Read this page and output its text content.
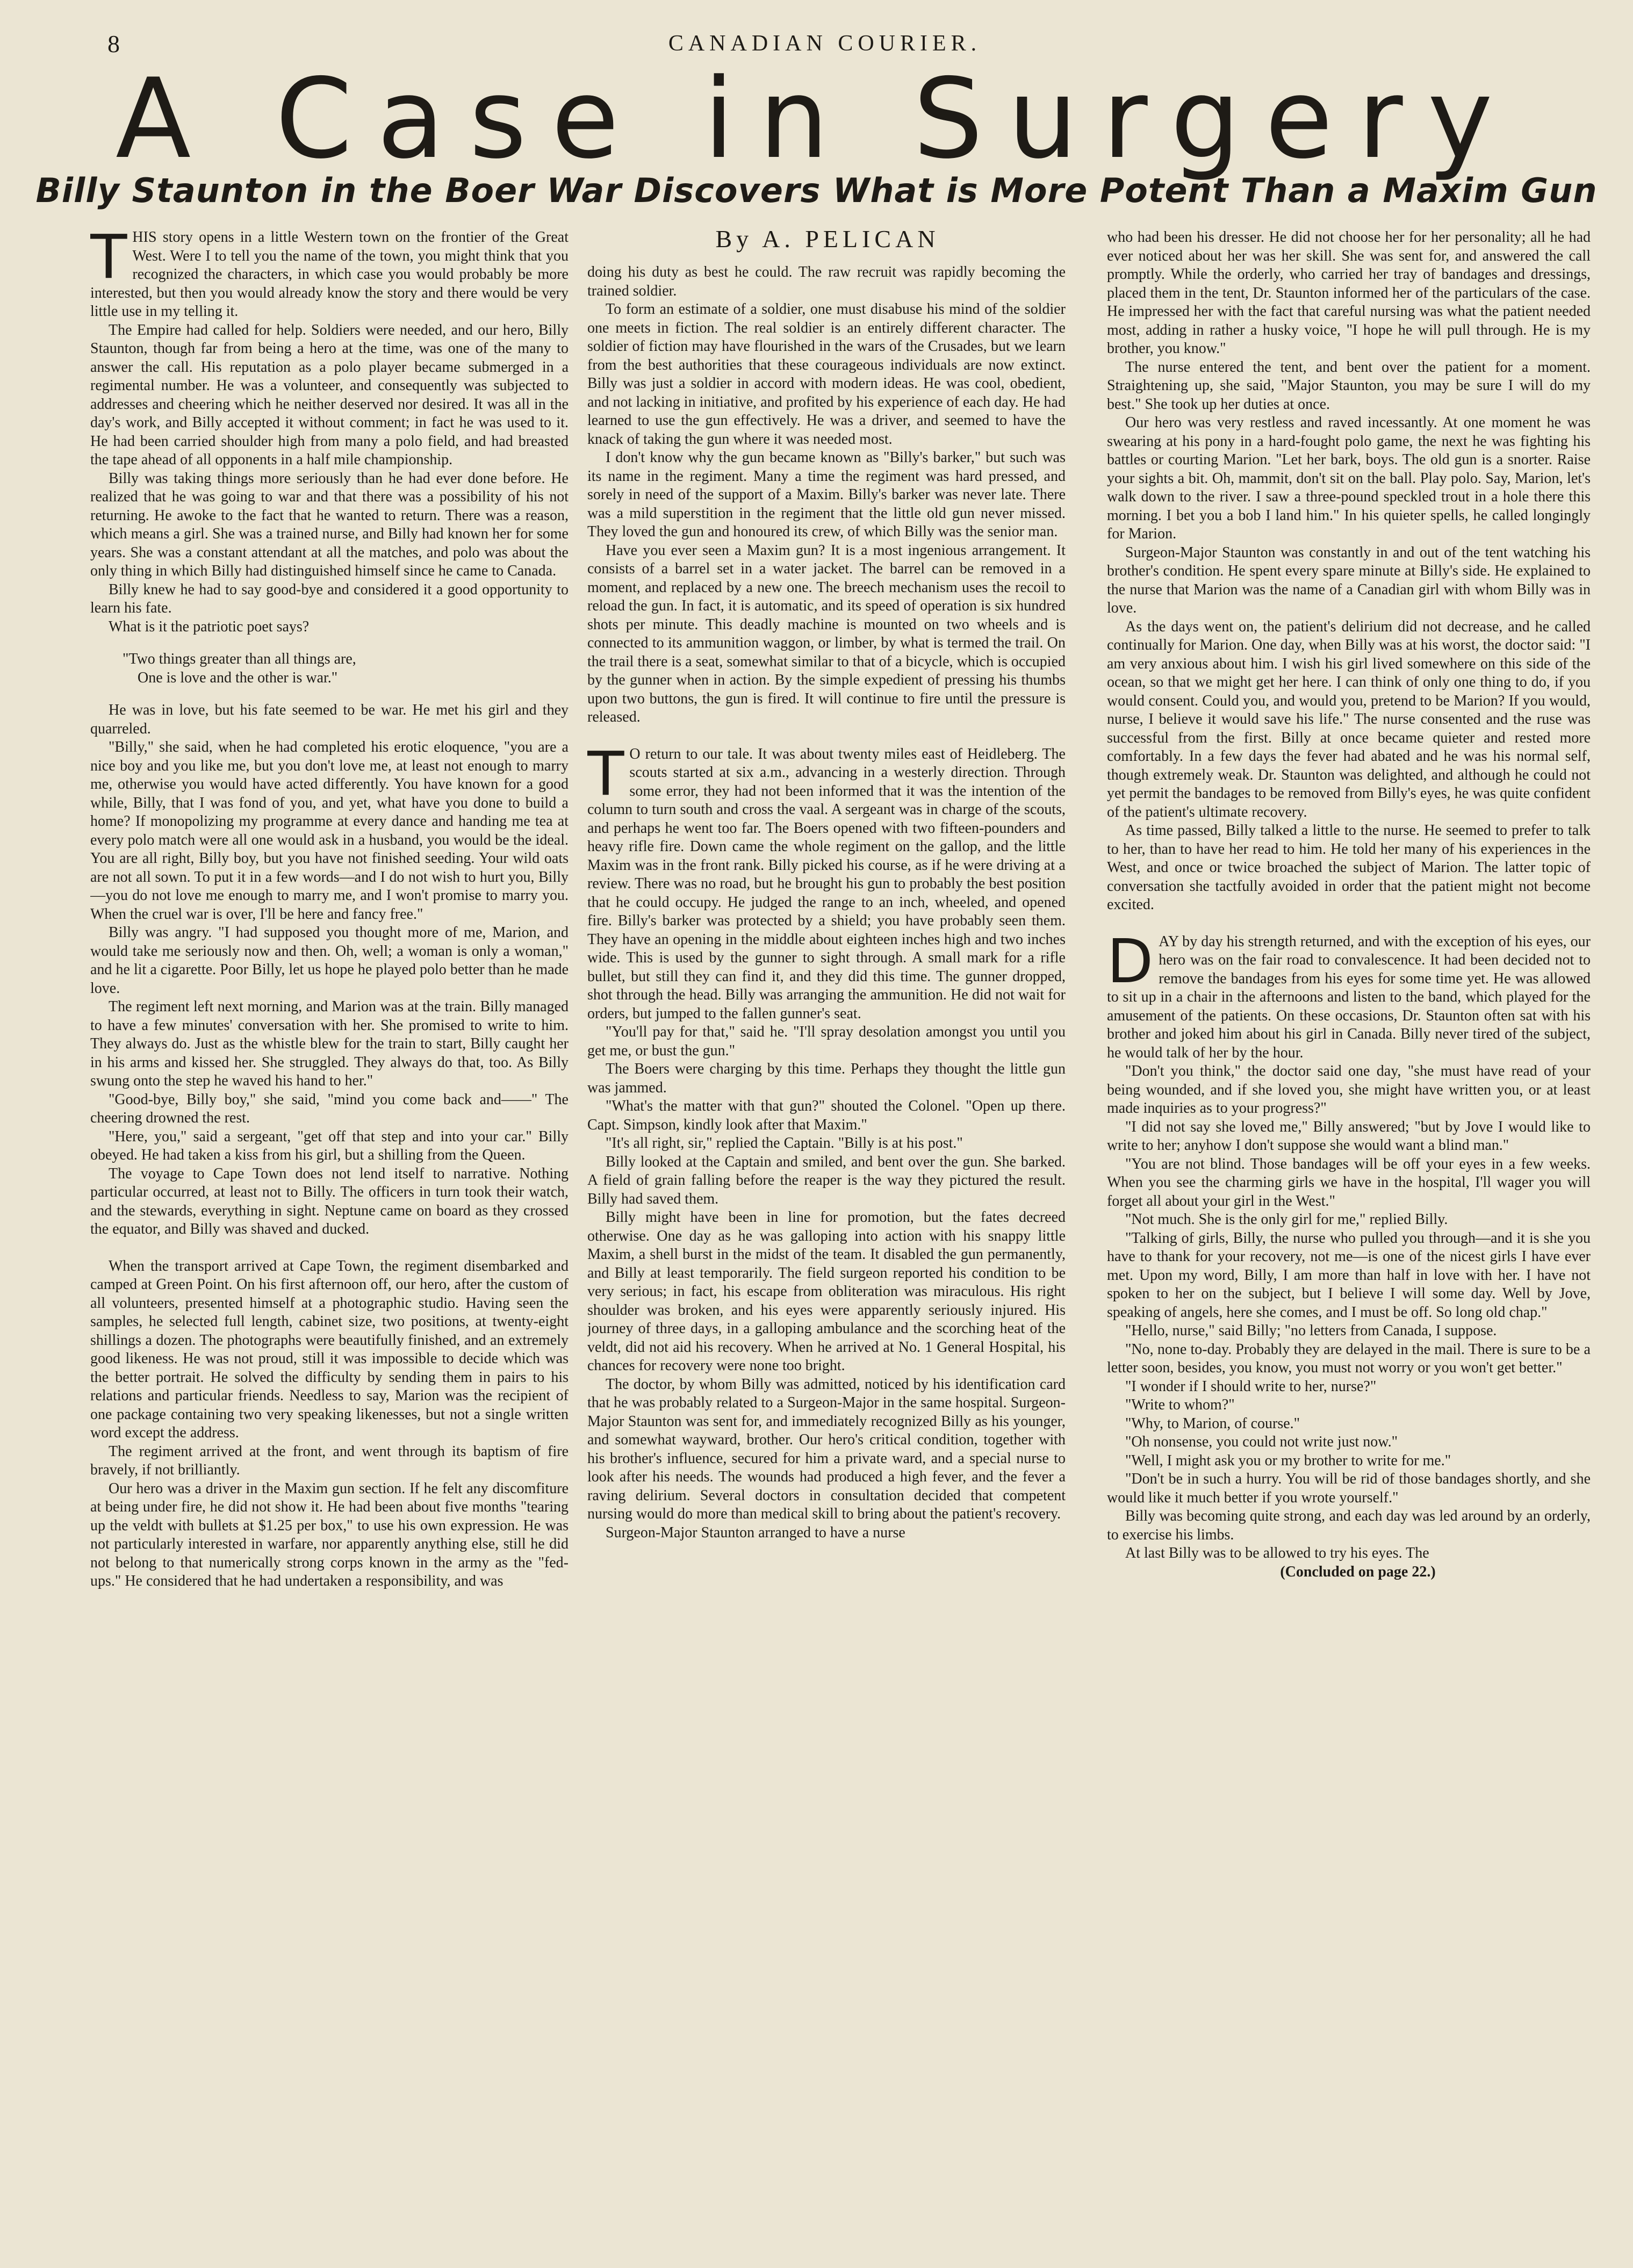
8	CANADIAN COURIER.
A Case in Surgery
Billy Staunton in the Boer War Discovers What is More Potent Than a Maxim Gun
By A. PELICAN

THIS story opens in a little Western town on the frontier of the Great West. Were I to tell you the name of the town, you might think that you recognized the characters, in which case you would probably be more interested, but then you would already know the story and there would be very little use in my telling it.

The Empire had called for help. Soldiers were needed, and our hero, Billy Staunton, though far from being a hero at the time, was one of the many to answer the call. His reputation as a polo player became submerged in a regimental number. He was a volunteer, and consequently was subjected to addresses and cheering which he neither deserved nor desired. It was all in the day's work, and Billy accepted it without comment; in fact he was used to it. He had been carried shoulder high from many a polo field, and had breasted the tape ahead of all opponents in a half mile championship.

Billy was taking things more seriously than he had ever done before. He realized that he was going to war and that there was a possibility of his not returning. He awoke to the fact that he wanted to return. There was a reason, which means a girl. She was a trained nurse, and Billy had known her for some years. She was a constant attendant at all the matches, and polo was about the only thing in which Billy had distinguished himself since he came to Canada.

Billy knew he had to say good-bye and considered it a good opportunity to learn his fate.

What is it the patriotic poet says?

"Two things greater than all things are,
One is love and the other is war."

He was in love, but his fate seemed to be war. He met his girl and they quarreled.

"Billy," she said, when he had completed his erotic eloquence, "you are a nice boy and you like me, but you don't love me, at least not enough to marry me, otherwise you would have acted differently. You have known for a good while, Billy, that I was fond of you, and yet, what have you done to build a home? If monopolizing my programme at every dance and handing me tea at every polo match were all one would ask in a husband, you would be the ideal. You are all right, Billy boy, but you have not finished seeding. Your wild oats are not all sown. To put it in a few words—and I do not wish to hurt you, Billy—you do not love me enough to marry me, and I won't promise to marry you. When the cruel war is over, I'll be here and fancy free."

Billy was angry. "I had supposed you thought more of me, Marion, and would take me seriously now and then. Oh, well; a woman is only a woman," and he lit a cigarette. Poor Billy, let us hope he played polo better than he made love.

The regiment left next morning, and Marion was at the train. Billy managed to have a few minutes' conversation with her. She promised to write to him. They always do. Just as the whistle blew for the train to start, Billy caught her in his arms and kissed her. She struggled. They always do that, too. As Billy swung onto the step he waved his hand to her."

"Good-bye, Billy boy," she said, "mind you come back and——" The cheering drowned the rest.

"Here, you," said a sergeant, "get off that step and into your car." Billy obeyed. He had taken a kiss from his girl, but a shilling from the Queen.

The voyage to Cape Town does not lend itself to narrative. Nothing particular occurred, at least not to Billy. The officers in turn took their watch, and the stewards, everything in sight. Neptune came on board as they crossed the equator, and Billy was shaved and ducked.

When the transport arrived at Cape Town, the regiment disembarked and camped at Green Point. On his first afternoon off, our hero, after the custom of all volunteers, presented himself at a photographic studio. Having seen the samples, he selected full length, cabinet size, two positions, at twenty-eight shillings a dozen. The photographs were beautifully finished, and an extremely good likeness. He was not proud, still it was impossible to decide which was the better portrait. He solved the difficulty by sending them in pairs to his relations and particular friends. Needless to say, Marion was the recipient of one package containing two very speaking likenesses, but not a single written word except the address.

The regiment arrived at the front, and went through its baptism of fire bravely, if not brilliantly.

Our hero was a driver in the Maxim gun section. If he felt any discomfiture at being under fire, he did not show it. He had been about five months "tearing up the veldt with bullets at $1.25 per box," to use his own expression. He was not particularly interested in warfare, nor apparently anything else, still he did not belong to that numerically strong corps known in the army as the "fed-ups." He considered that he had undertaken a responsibility, and was

doing his duty as best he could. The raw recruit was rapidly becoming the trained soldier.

To form an estimate of a soldier, one must disabuse his mind of the soldier one meets in fiction. The real soldier is an entirely different character. The soldier of fiction may have flourished in the wars of the Crusades, but we learn from the best authorities that these courageous individuals are now extinct. Billy was just a soldier in accord with modern ideas. He was cool, obedient, and not lacking in initiative, and profited by his experience of each day. He had learned to use the gun effectively. He was a driver, and seemed to have the knack of taking the gun where it was needed most.

I don't know why the gun became known as "Billy's barker," but such was its name in the regiment. Many a time the regiment was hard pressed, and sorely in need of the support of a Maxim. Billy's barker was never late. There was a mild superstition in the regiment that the little old gun never missed. They loved the gun and honoured its crew, of which Billy was the senior man.

Have you ever seen a Maxim gun? It is a most ingenious arrangement. It consists of a barrel set in a water jacket. The barrel can be removed in a moment, and replaced by a new one. The breech mechanism uses the recoil to reload the gun. In fact, it is automatic, and its speed of operation is six hundred shots per minute. This deadly machine is mounted on two wheels and is connected to its ammunition waggon, or limber, by what is termed the trail. On the trail there is a seat, somewhat similar to that of a bicycle, which is occupied by the gunner when in action. By the simple expedient of pressing his thumbs upon two buttons, the gun is fired. It will continue to fire until the pressure is released.

T O return to our tale. It was about twenty miles east of Heidleberg. The scouts started at six a.m., advancing in a westerly direction. Through some error, they had not been informed that it was the intention of the column to turn south and cross the vaal. A sergeant was in charge of the scouts, and perhaps he went too far. The Boers opened with two fifteen-pounders and heavy rifle fire. Down came the whole regiment on the gallop, and the little Maxim was in the front rank. Billy picked his course, as if he were driving at a review. There was no road, but he brought his gun to probably the best position that he could occupy. He judged the range to an inch, wheeled, and opened fire. Billy's barker was protected by a shield; you have probably seen them. They have an opening in the middle about eighteen inches high and two inches wide. This is used by the gunner to sight through. A small mark for a rifle bullet, but still they can find it, and they did this time. The gunner dropped, shot through the head. Billy was arranging the ammunition. He did not wait for orders, but jumped to the fallen gunner's seat.

"You'll pay for that," said he. "I'll spray desolation amongst you until you get me, or bust the gun."

The Boers were charging by this time. Perhaps they thought the little gun was jammed.

"What's the matter with that gun?" shouted the Colonel. "Open up there. Capt. Simpson, kindly look after that Maxim."

"It's all right, sir," replied the Captain. "Billy is at his post."

Billy looked at the Captain and smiled, and bent over the gun. She barked. A field of grain falling before the reaper is the way they pictured the result. Billy had saved them.

Billy might have been in line for promotion, but the fates decreed otherwise. One day as he was galloping into action with his snappy little Maxim, a shell burst in the midst of the team. It disabled the gun permanently, and Billy at least temporarily. The field surgeon reported his condition to be very serious; in fact, his escape from obliteration was miraculous. His right shoulder was broken, and his eyes were apparently seriously injured. His journey of three days, in a galloping ambulance and the scorching heat of the veldt, did not aid his recovery. When he arrived at No. 1 General Hospital, his chances for recovery were none too bright.

The doctor, by whom Billy was admitted, noticed by his identification card that he was probably related to a Surgeon-Major in the same hospital. Surgeon-Major Staunton was sent for, and immediately recognized Billy as his younger, and somewhat wayward, brother. Our hero's critical condition, together with his brother's influence, secured for him a private ward, and a special nurse to look after his needs. The wounds had produced a high fever, and the fever a raving delirium. Several doctors in consultation decided that competent nursing would do more than medical skill to bring about the patient's recovery.

Surgeon-Major Staunton arranged to have a nurse

who had been his dresser. He did not choose her for her personality; all he had ever noticed about her was her skill. She was sent for, and answered the call promptly. While the orderly, who carried her tray of bandages and dressings, placed them in the tent, Dr. Staunton informed her of the particulars of the case. He impressed her with the fact that careful nursing was what the patient needed most, adding in rather a husky voice, "I hope he will pull through. He is my brother, you know."

The nurse entered the tent, and bent over the patient for a moment. Straightening up, she said, "Major Staunton, you may be sure I will do my best." She took up her duties at once.

Our hero was very restless and raved incessantly. At one moment he was swearing at his pony in a hard-fought polo game, the next he was fighting his battles or courting Marion. "Let her bark, boys. The old gun is a snorter. Raise your sights a bit. Oh, mammit, don't sit on the ball. Play polo. Say, Marion, let's walk down to the river. I saw a three-pound speckled trout in a hole there this morning. I bet you a bob I land him." In his quieter spells, he called longingly for Marion.

Surgeon-Major Staunton was constantly in and out of the tent watching his brother's condition. He spent every spare minute at Billy's side. He explained to the nurse that Marion was the name of a Canadian girl with whom Billy was in love.

As the days went on, the patient's delirium did not decrease, and he called continually for Marion. One day, when Billy was at his worst, the doctor said: "I am very anxious about him. I wish his girl lived somewhere on this side of the ocean, so that we might get her here. I can think of only one thing to do, if you would consent. Could you, and would you, pretend to be Marion? If you would, nurse, I believe it would save his life." The nurse consented and the ruse was successful from the first. Billy at once became quieter and rested more comfortably. In a few days the fever had abated and he was his normal self, though extremely weak. Dr. Staunton was delighted, and although he could not yet permit the bandages to be removed from Billy's eyes, he was quite confident of the patient's ultimate recovery.

As time passed, Billy talked a little to the nurse. He seemed to prefer to talk to her, than to have her read to him. He told her many of his experiences in the West, and once or twice broached the subject of Marion. The latter topic of conversation she tactfully avoided in order that the patient might not become excited.

DAY by day his strength returned, and with the exception of his eyes, our hero was on the fair road to convalescence. It had been decided not to remove the bandages from his eyes for some time yet. He was allowed to sit up in a chair in the afternoons and listen to the band, which played for the amusement of the patients. On these occasions, Dr. Staunton often sat with his brother and joked him about his girl in Canada. Billy never tired of the subject, he would talk of her by the hour.

"Don't you think," the doctor said one day, "she must have read of your being wounded, and if she loved you, she might have written you, or at least made inquiries as to your progress?"

"I did not say she loved me," Billy answered; "but by Jove I would like to write to her; anyhow I don't suppose she would want a blind man."

"You are not blind. Those bandages will be off your eyes in a few weeks. When you see the charming girls we have in the hospital, I'll wager you will forget all about your girl in the West."

"Not much. She is the only girl for me," replied Billy.

"Talking of girls, Billy, the nurse who pulled you through—and it is she you have to thank for your recovery, not me—is one of the nicest girls I have ever met. Upon my word, Billy, I am more than half in love with her. I have not spoken to her on the subject, but I believe I will some day. Well by Jove, speaking of angels, here she comes, and I must be off. So long old chap."

"Hello, nurse," said Billy; "no letters from Canada, I suppose.

"No, none to-day. Probably they are delayed in the mail. There is sure to be a letter soon, besides, you know, you must not worry or you won't get better."

"I wonder if I should write to her, nurse?"

"Write to whom?"

"Why, to Marion, of course."

"Oh nonsense, you could not write just now."

"Well, I might ask you or my brother to write for me."

"Don't be in such a hurry. You will be rid of those bandages shortly, and she would like it much better if you wrote yourself."

Billy was becoming quite strong, and each day was led around by an orderly, to exercise his limbs.

At last Billy was to be allowed to try his eyes. The

(Concluded on page 22.)
